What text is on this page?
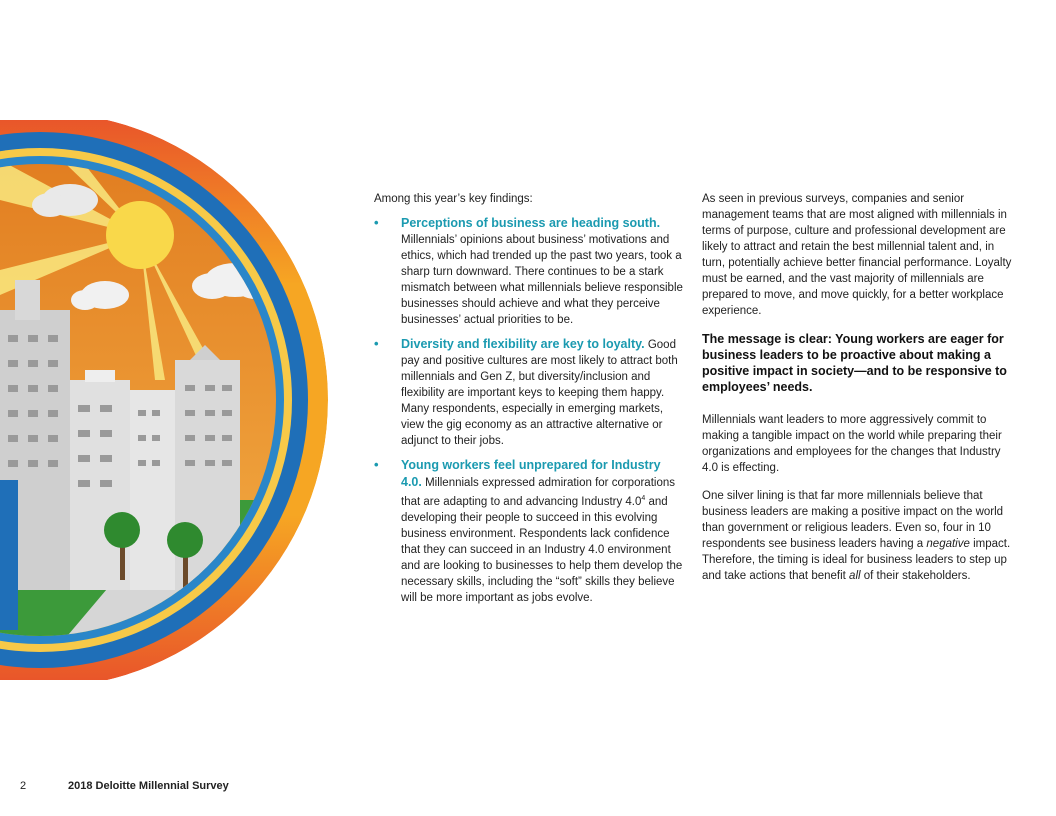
Among this year’s key findings:
• Perceptions of business are heading south. Millennials’ opinions about business’ motivations and ethics, which had trended up the past two years, took a sharp turn downward. There continues to be a stark mismatch between what millennials believe responsible businesses should achieve and what they perceive businesses’ actual priorities to be.
• Diversity and flexibility are key to loyalty. Good pay and positive cultures are most likely to attract both millennials and Gen Z, but diversity/inclusion and flexibility are important keys to keeping them happy. Many respondents, especially in emerging markets, view the gig economy as an attractive alternative or adjunct to their jobs.
• Young workers feel unprepared for Industry 4.0. Millennials expressed admiration for corporations that are adapting to and advancing Industry $4.0^4$ and developing their people to succeed in this evolving business environment. Respondents lack confidence that they can succeed in an Industry 4.0 environment and are looking to businesses to help them develop the necessary skills, including the “soft” skills they believe will be more important as jobs evolve.

As seen in previous surveys, companies and senior management teams that are most aligned with millennials in terms of purpose, culture and professional development are likely to attract and retain the best millennial talent and, in turn, potentially achieve better financial performance. Loyalty must be earned, and the vast majority of millennials are prepared to move, and move quickly, for a better workplace experience.

The message is clear: Young workers are eager for business leaders to be proactive about making a positive impact in society—and to be responsive to employees’ needs.

Millennials want leaders to more aggressively commit to making a tangible impact on the world while preparing their organizations and employees for the changes that Industry 4.0 is effecting.

One silver lining is that far more millennials believe that business leaders are making a positive impact on the world than government or religious leaders. Even so, four in 10 respondents see business leaders having a negative impact. Therefore, the timing is ideal for business leaders to step up and take actions that benefit all of their stakeholders.

2	2018 Deloitte Millennial Survey
